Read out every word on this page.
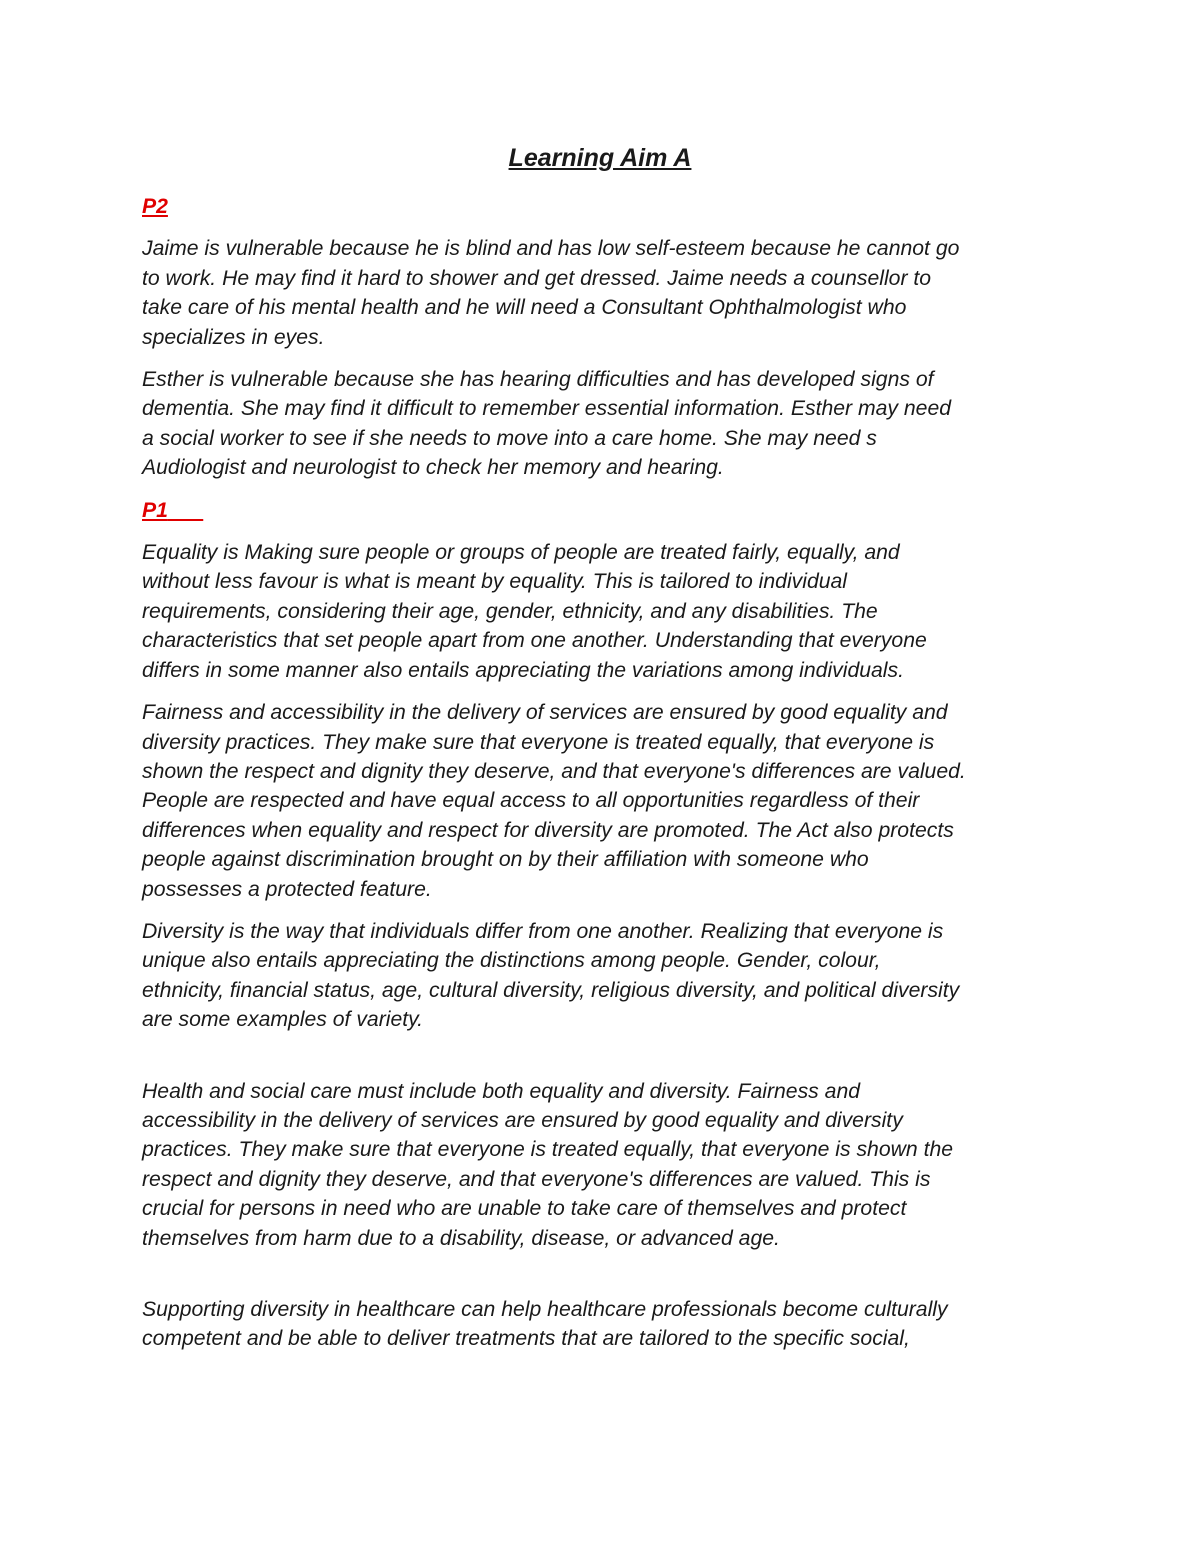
Learning Aim A
P2
Jaime is vulnerable because he is blind and has low self-esteem because he cannot go
to work. He may find it hard to shower and get dressed. Jaime needs a counsellor to
take care of his mental health and he will need a Consultant Ophthalmologist who
specializes in eyes.
Esther is vulnerable because she has hearing difficulties and has developed signs of
dementia. She may find it difficult to remember essential information. Esther may need
a social worker to see if she needs to move into a care home. She may need s
Audiologist and neurologist to check her memory and hearing.
P1
Equality is Making sure people or groups of people are treated fairly, equally, and
without less favour is what is meant by equality. This is tailored to individual
requirements, considering their age, gender, ethnicity, and any disabilities. The
characteristics that set people apart from one another. Understanding that everyone
differs in some manner also entails appreciating the variations among individuals.
Fairness and accessibility in the delivery of services are ensured by good equality and
diversity practices. They make sure that everyone is treated equally, that everyone is
shown the respect and dignity they deserve, and that everyone's differences are valued.
People are respected and have equal access to all opportunities regardless of their
differences when equality and respect for diversity are promoted. The Act also protects
people against discrimination brought on by their affiliation with someone who
possesses a protected feature.
Diversity is the way that individuals differ from one another. Realizing that everyone is
unique also entails appreciating the distinctions among people. Gender, colour,
ethnicity, financial status, age, cultural diversity, religious diversity, and political diversity
are some examples of variety.
Health and social care must include both equality and diversity. Fairness and
accessibility in the delivery of services are ensured by good equality and diversity
practices. They make sure that everyone is treated equally, that everyone is shown the
respect and dignity they deserve, and that everyone's differences are valued. This is
crucial for persons in need who are unable to take care of themselves and protect
themselves from harm due to a disability, disease, or advanced age.
Supporting diversity in healthcare can help healthcare professionals become culturally
competent and be able to deliver treatments that are tailored to the specific social,
